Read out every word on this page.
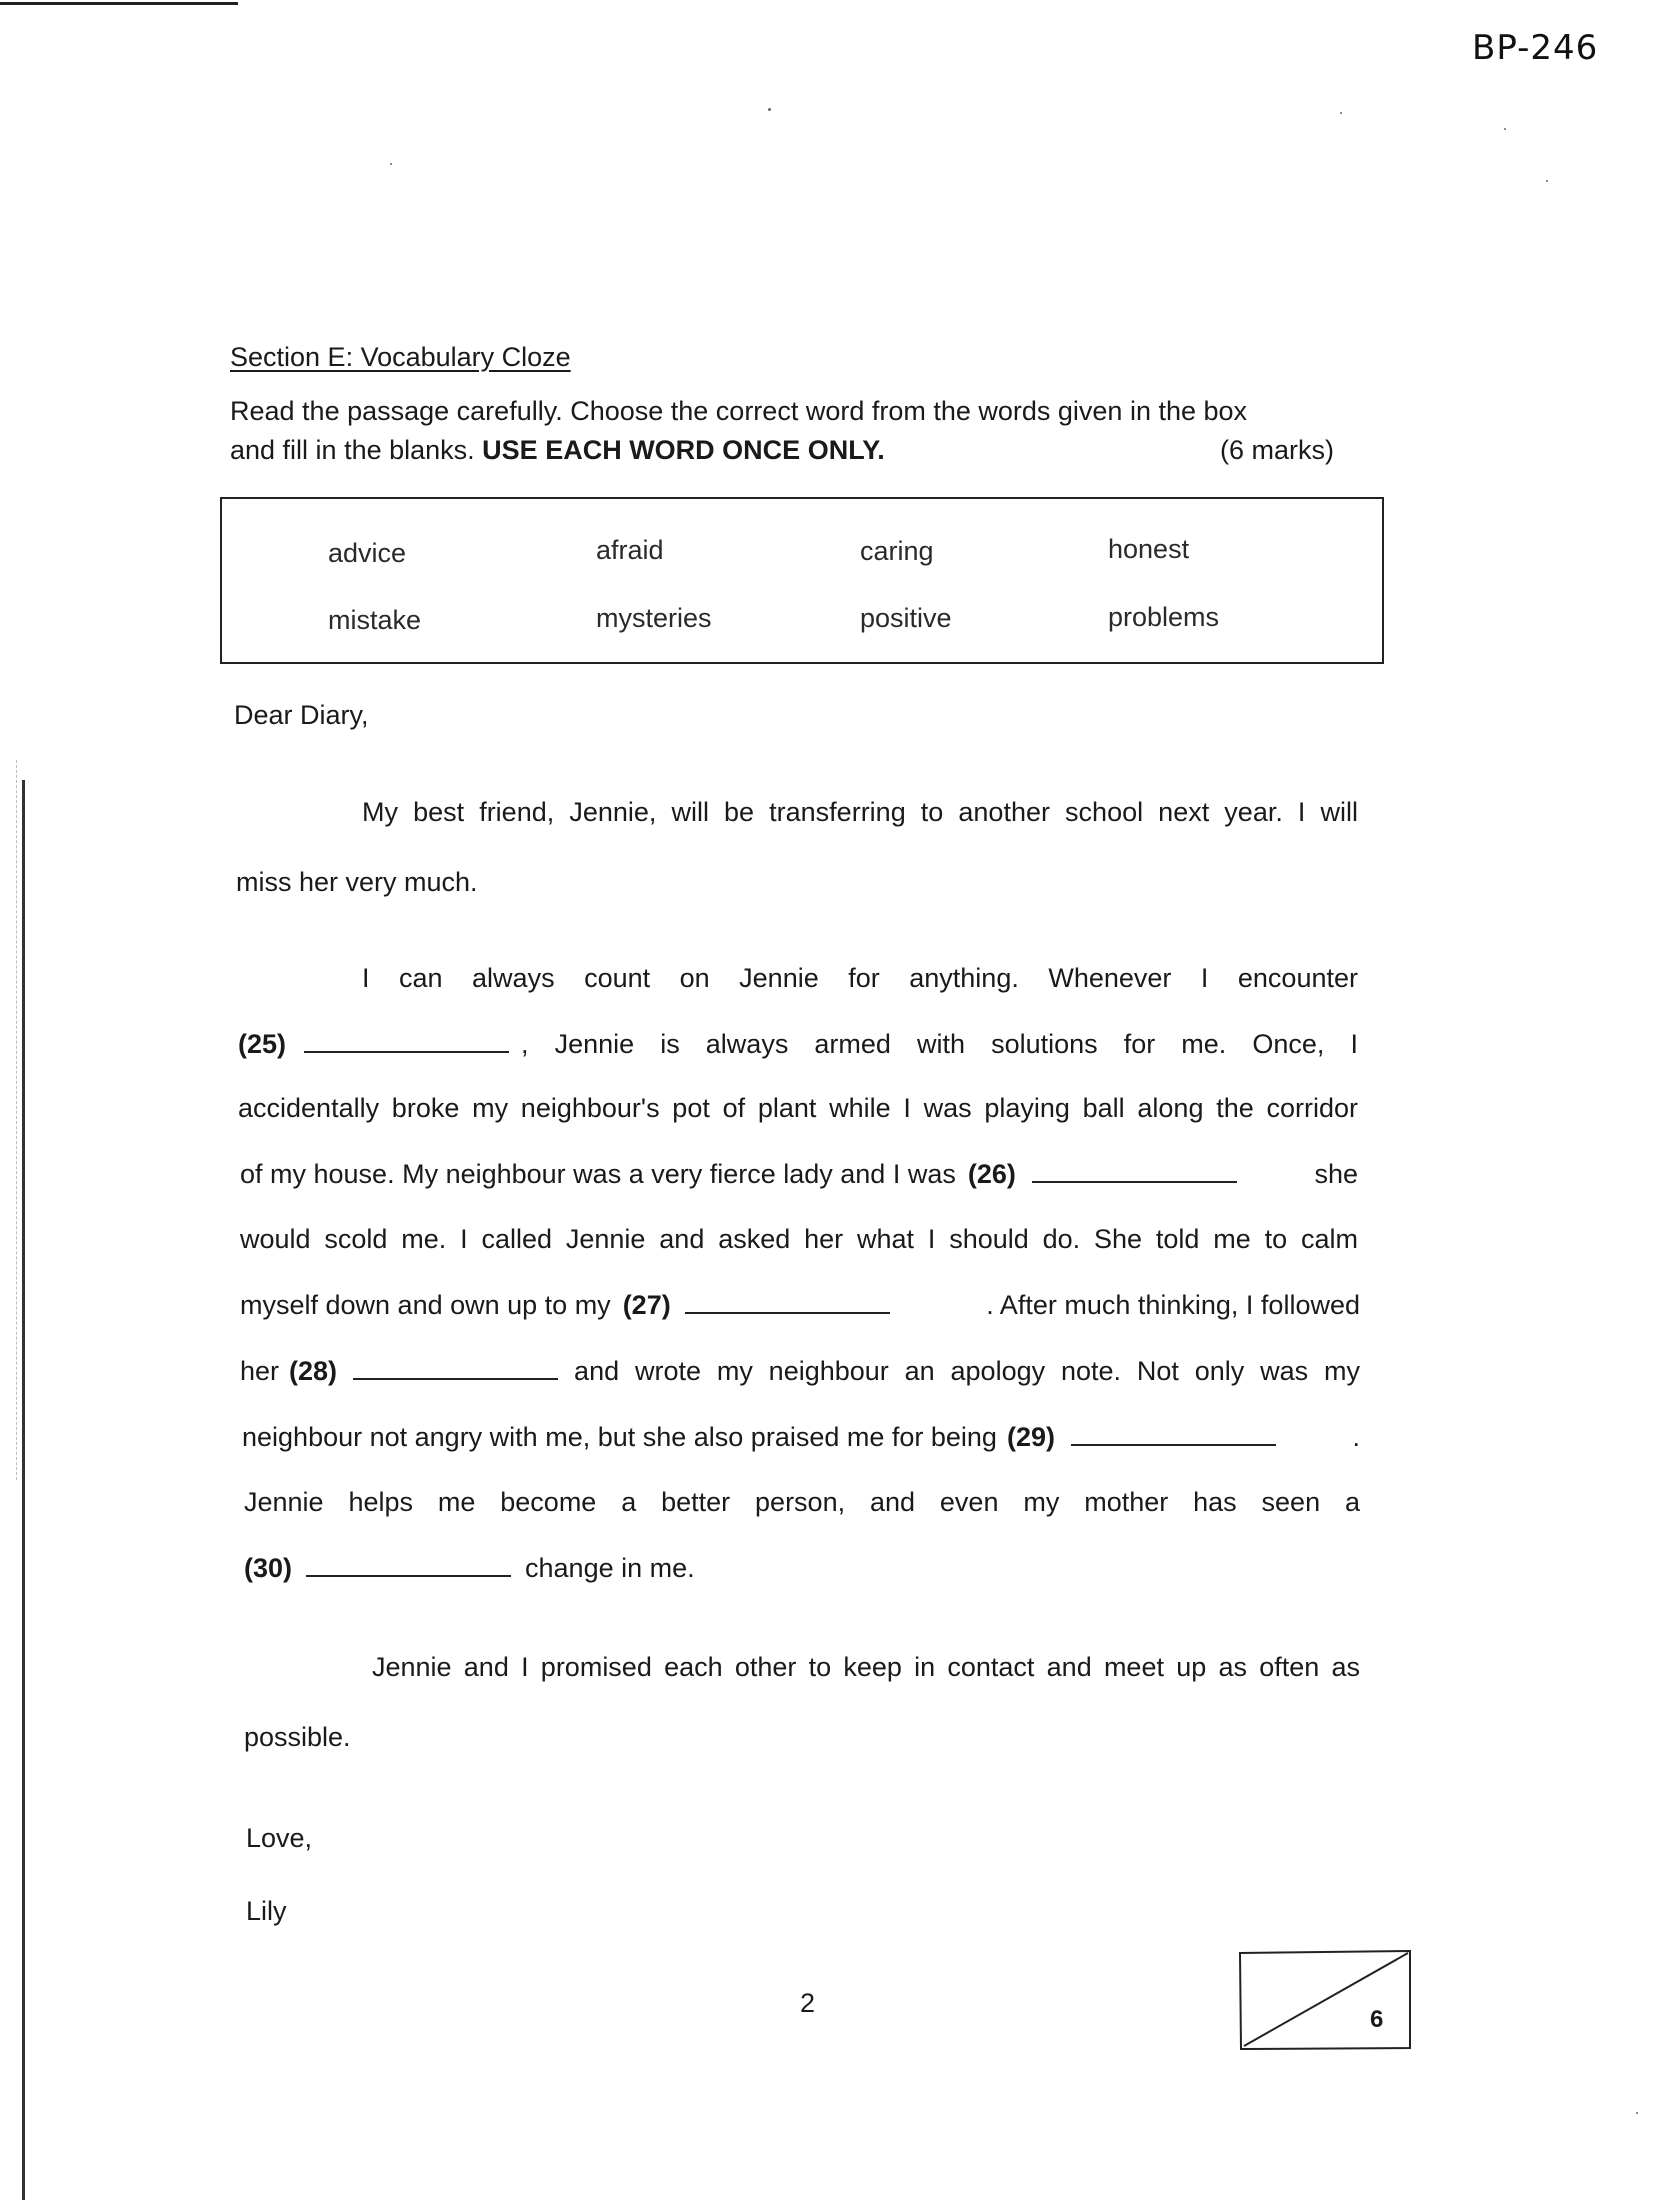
BP-246
Section E: Vocabulary Cloze
Read the passage carefully. Choose the correct word from the words given in the box
and fill in the blanks. USE EACH WORD ONCE ONLY.	(6 marks)
advice	afraid	caring	honest
mistake	mysteries	positive	problems
Dear Diary,
My best friend, Jennie, will be transferring to another school next year. I will
miss her very much.
I can always count on Jennie for anything. Whenever I encounter
(25)	, Jennie is always armed with solutions for me. Once, I
accidentally broke my neighbour's pot of plant while I was playing ball along the corridor
of my house. My neighbour was a very fierce lady and I was (26)	she
would scold me. I called Jennie and asked her what I should do. She told me to calm
myself down and own up to my (27)	. After much thinking, I followed
her (28)	and wrote my neighbour an apology note. Not only was my
neighbour not angry with me, but she also praised me for being (29)	.
Jennie helps me become a better person, and even my mother has seen a
(30)	change in me.
Jennie and I promised each other to keep in contact and meet up as often as
possible.
Love,
Lily
2
6
